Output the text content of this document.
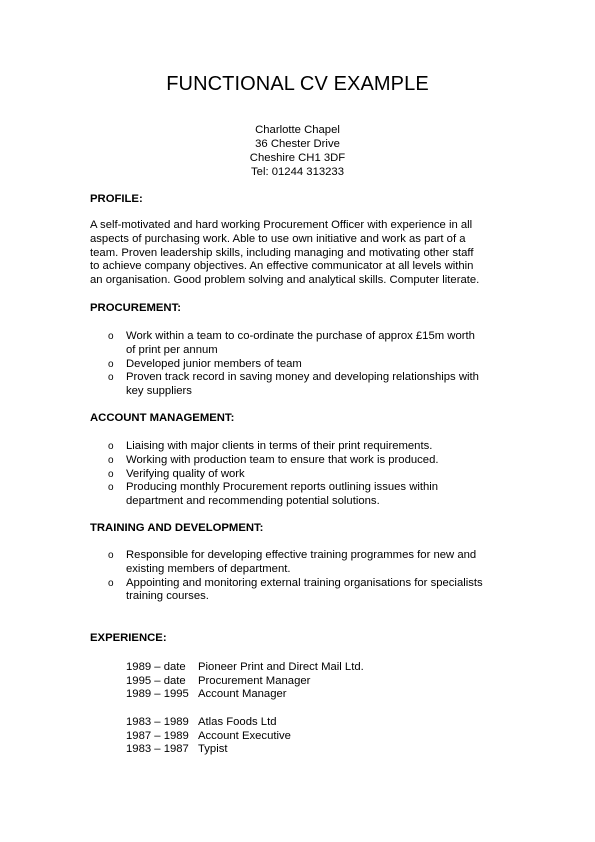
FUNCTIONAL CV EXAMPLE
Charlotte Chapel
36 Chester Drive
Cheshire CH1 3DF
Tel: 01244 313233
PROFILE:
A self-motivated and hard working Procurement Officer with experience in all
aspects of purchasing work. Able to use own initiative and work as part of a
team. Proven leadership skills, including managing and motivating other staff
to achieve company objectives. An effective communicator at all levels within
an organisation. Good problem solving and analytical skills. Computer literate.
PROCUREMENT:
o Work within a team to co-ordinate the purchase of approx £15m worth
of print per annum
o Developed junior members of team
o Proven track record in saving money and developing relationships with
key suppliers
ACCOUNT MANAGEMENT:
o Liaising with major clients in terms of their print requirements.
o Working with production team to ensure that work is produced.
o Verifying quality of work
o Producing monthly Procurement reports outlining issues within
department and recommending potential solutions.
TRAINING AND DEVELOPMENT:
o Responsible for developing effective training programmes for new and
existing members of department.
o Appointing and monitoring external training organisations for specialists
training courses.
EXPERIENCE:
1989 – date Pioneer Print and Direct Mail Ltd.
1995 – date Procurement Manager
1989 – 1995 Account Manager
1983 – 1989 Atlas Foods Ltd
1987 – 1989 Account Executive
1983 – 1987 Typist
